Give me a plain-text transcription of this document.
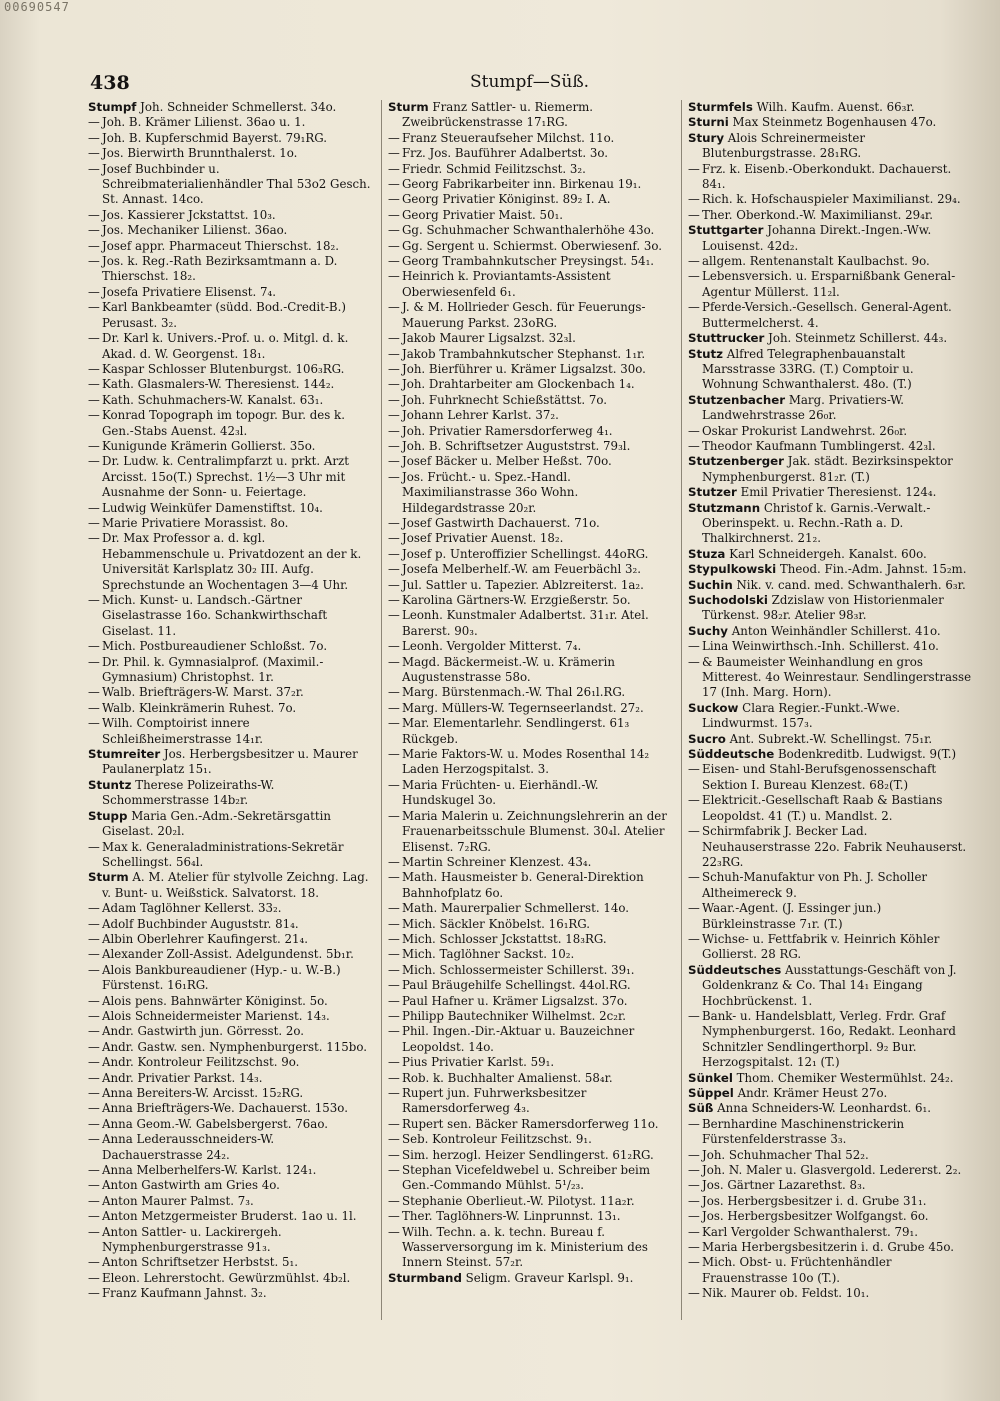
00690547
438	Stumpf—Süß.

Stumpf Joh. Schneider Schmellerst. 34o.

— Joh. B. Krämer Lilienst. 36ao u. 1.

— Joh. B. Kupferschmid Bayerst. 79₁RG.

— Jos. Bierwirth Brunnthalerst. 1o.

— Josef Buchbinder u. Schreibmaterialienhändler Thal 53o2 Gesch. St. Annast. 14co.

— Jos. Kassierer Jckstattst. 10₃.

— Jos. Mechaniker Lilienst. 36ao.

— Josef appr. Pharmaceut Thierschst. 18₂.

— Jos. k. Reg.-Rath Bezirksamtmann a. D. Thierschst. 18₂.

— Josefa Privatiere Elisenst. 7₄.

— Karl Bankbeamter (südd. Bod.-Credit-B.) Perusast. 3₂.

— Dr. Karl k. Univers.-Prof. u. o. Mitgl. d. k. Akad. d. W. Georgenst. 18₁.

— Kaspar Schlosser Blutenburgst. 106₃RG.

— Kath. Glasmalers-W. Theresienst. 144₂.

— Kath. Schuhmachers-W. Kanalst. 63₁.

— Konrad Topograph im topogr. Bur. des k. Gen.-Stabs Auenst. 42₃l.

— Kunigunde Krämerin Gollierst. 35o.

— Dr. Ludw. k. Centralimpfarzt u. prkt. Arzt Arcisst. 15o(T.) Sprechst. 1½—3 Uhr mit Ausnahme der Sonn- u. Feiertage.

— Ludwig Weinküfer Damenstiftst. 10₄.

— Marie Privatiere Morassist. 8o.

— Dr. Max Professor a. d. kgl. Hebammenschule u. Privatdozent an der k. Universität Karlsplatz 30₂ III. Aufg. Sprechstunde an Wochentagen 3—4 Uhr.

— Mich. Kunst- u. Landsch.-Gärtner Giselastrasse 16o. Schankwirthschaft Giselast. 11.

— Mich. Postbureaudiener Schloßst. 7o.

— Dr. Phil. k. Gymnasialprof. (Maximil.-Gymnasium) Christophst. 1r.

— Walb. Briefträgers-W. Marst. 37₂r.

— Walb. Kleinkrämerin Ruhest. 7o.

— Wilh. Comptoirist innere Schleißheimerstrasse 14₁r.

Stumreiter Jos. Herbergsbesitzer u. Maurer Paulanerplatz 15₁.

Stuntz Therese Polizeiraths-W. Schommerstrasse 14b₂r.

Stupp Maria Gen.-Adm.-Sekretärsgattin Giselast. 20₂l.

— Max k. Generaladministrations-Sekretär Schellingst. 56₄l.

Sturm A. M. Atelier für stylvolle Zeichng. Lag. v. Bunt- u. Weißstick. Salvatorst. 18.

— Adam Taglöhner Kellerst. 33₂.

— Adolf Buchbinder Auguststr. 81₄.

— Albin Oberlehrer Kaufingerst. 21₄.

— Alexander Zoll-Assist. Adelgundenst. 5b₁r.

— Alois Bankbureaudiener (Hyp.- u. W.-B.) Fürstenst. 16₁RG.

— Alois pens. Bahnwärter Königinst. 5o.

— Alois Schneidermeister Marienst. 14₃.

— Andr. Gastwirth jun. Görresst. 2o.

— Andr. Gastw. sen. Nymphenburgerst. 115bo.

— Andr. Kontroleur Feilitzschst. 9o.

— Andr. Privatier Parkst. 14₃.

— Anna Bereiters-W. Arcisst. 15₂RG.

— Anna Briefträgers-We. Dachauerst. 153o.

— Anna Geom.-W. Gabelsbergerst. 76ao.

— Anna Lederausschneiders-W. Dachauerstrasse 24₂.

— Anna Melberhelfers-W. Karlst. 124₁.

— Anton Gastwirth am Gries 4o.

— Anton Maurer Palmst. 7₃.

— Anton Metzgermeister Bruderst. 1ao u. 1l.

— Anton Sattler- u. Lackirergeh. Nymphenburgerstrasse 91₃.

— Anton Schriftsetzer Herbstst. 5₁.

— Eleon. Lehrerstocht. Gewürzmühlst. 4b₂l.

— Franz Kaufmann Jahnst. 3₂.

Sturm Franz Sattler- u. Riemerm. Zweibrückenstrasse 17₁RG.

— Franz Steueraufseher Milchst. 11o.

— Frz. Jos. Bauführer Adalbertst. 3o.

— Friedr. Schmid Feilitzschst. 3₂.

— Georg Fabrikarbeiter inn. Birkenau 19₁.

— Georg Privatier Königinst. 89₂ I. A.

— Georg Privatier Maist. 50₁.

— Gg. Schuhmacher Schwanthalerhöhe 43o.

— Gg. Sergent u. Schiermst. Oberwiesenf. 3o.

— Georg Trambahnkutscher Preysingst. 54₁.

— Heinrich k. Proviantamts-Assistent Oberwiesenfeld 6₁.

— J. & M. Hollrieder Gesch. für Feuerungs-Mauerung Parkst. 23oRG.

— Jakob Maurer Ligsalzst. 32₃l.

— Jakob Trambahnkutscher Stephanst. 1₁r.

— Joh. Bierführer u. Krämer Ligsalzst. 30o.

— Joh. Drahtarbeiter am Glockenbach 1₄.

— Joh. Fuhrknecht Schießstättst. 7o.

— Johann Lehrer Karlst. 37₂.

— Joh. Privatier Ramersdorferweg 4₁.

— Joh. B. Schriftsetzer Auguststrst. 79₃l.

— Josef Bäcker u. Melber Heßst. 70o.

— Jos. Frücht.- u. Spez.-Handl. Maximilianstrasse 36o Wohn. Hildegardstrasse 20₂r.

— Josef Gastwirth Dachauerst. 71o.

— Josef Privatier Auenst. 18₂.

— Josef p. Unteroffizier Schellingst. 44oRG.

— Josefa Melberhelf.-W. am Feuerbächl 3₂.

— Jul. Sattler u. Tapezier. Ablzreiterst. 1a₂.

— Karolina Gärtners-W. Erzgießerstr. 5o.

— Leonh. Kunstmaler Adalbertst. 31₁r. Atel. Barerst. 90₃.

— Leonh. Vergolder Mitterst. 7₄.

— Magd. Bäckermeist.-W. u. Krämerin Augustenstrasse 58o.

— Marg. Bürstenmach.-W. Thal 26₁l.RG.

— Marg. Müllers-W. Tegernseerlandst. 27₂.

— Mar. Elementarlehr. Sendlingerst. 61₃ Rückgeb.

— Marie Faktors-W. u. Modes Rosenthal 14₂ Laden Herzogspitalst. 3.

— Maria Früchten- u. Eierhändl.-W. Hundskugel 3o.

— Maria Malerin u. Zeichnungslehrerin an der Frauenarbeitsschule Blumenst. 30₄l. Atelier Elisenst. 7₂RG.

— Martin Schreiner Klenzest. 43₄.

— Math. Hausmeister b. General-Direktion Bahnhofplatz 6o.

— Math. Maurerpalier Schmellerst. 14o.

— Mich. Säckler Knöbelst. 16₁RG.

— Mich. Schlosser Jckstattst. 18₃RG.

— Mich. Taglöhner Sackst. 10₂.

— Mich. Schlossermeister Schillerst. 39₁.

— Paul Bräugehilfe Schellingst. 44ol.RG.

— Paul Hafner u. Krämer Ligsalzst. 37o.

— Philipp Bautechniker Wilhelmst. 2c₂r.

— Phil. Ingen.-Dir.-Aktuar u. Bauzeichner Leopoldst. 14o.

— Pius Privatier Karlst. 59₁.

— Rob. k. Buchhalter Amalienst. 58₄r.

— Rupert jun. Fuhrwerksbesitzer Ramersdorferweg 4₃.

— Rupert sen. Bäcker Ramersdorferweg 11o.

— Seb. Kontroleur Feilitzschst. 9₁.

— Sim. herzogl. Heizer Sendlingerst. 61₂RG.

— Stephan Vicefeldwebel u. Schreiber beim Gen.-Commando Mühlst. 5¹/₂₃.

— Stephanie Oberlieut.-W. Pilotyst. 11a₂r.

— Ther. Taglöhners-W. Linprunnst. 13₁.

— Wilh. Techn. a. k. techn. Bureau f. Wasserversorgung im k. Ministerium des Innern Steinst. 57₂r.

Sturmband Seligm. Graveur Karlspl. 9₁.

Sturmfels Wilh. Kaufm. Auenst. 66₃r.

Sturni Max Steinmetz Bogenhausen 47o.

Stury Alois Schreinermeister Blutenburgstrasse. 28₁RG.

— Frz. k. Eisenb.-Oberkondukt. Dachauerst. 84₁.

— Rich. k. Hofschauspieler Maximilianst. 29₄.

— Ther. Oberkond.-W. Maximilianst. 29₄r.

Stuttgarter Johanna Direkt.-Ingen.-Ww. Louisenst. 42d₂.

— allgem. Rentenanstalt Kaulbachst. 9o.

— Lebensversich. u. Ersparnißbank General-Agentur Müllerst. 11₂l.

— Pferde-Versich.-Gesellsch. General-Agent. Buttermelcherst. 4.

Stuttrucker Joh. Steinmetz Schillerst. 44₃.

Stutz Alfred Telegraphenbauanstalt Marsstrasse 33RG. (T.) Comptoir u. Wohnung Schwanthalerst. 48o. (T.)

Stutzenbacher Marg. Privatiers-W. Landwehrstrasse 26₀r.

— Oskar Prokurist Landwehrst. 26₀r.

— Theodor Kaufmann Tumblingerst. 42₃l.

Stutzenberger Jak. städt. Bezirksinspektor Nymphenburgerst. 81₂r. (T.)

Stutzer Emil Privatier Theresienst. 124₄.

Stutzmann Christof k. Garnis.-Verwalt.-Oberinspekt. u. Rechn.-Rath a. D. Thalkirchnerst. 21₂.

Stuza Karl Schneidergeh. Kanalst. 60o.

Stypulkowski Theod. Fin.-Adm. Jahnst. 15₂m.

Suchin Nik. v. cand. med. Schwanthalerh. 6₃r.

Suchodolski Zdzislaw von Historienmaler Türkenst. 98₂r. Atelier 98₃r.

Suchy Anton Weinhändler Schillerst. 41o.

— Lina Weinwirthsch.-Inh. Schillerst. 41o.

— & Baumeister Weinhandlung en gros Mitterest. 4o Weinrestaur. Sendlingerstrasse 17 (Inh. Marg. Horn).

Suckow Clara Regier.-Funkt.-Wwe. Lindwurmst. 157₃.

Sucro Ant. Subrekt.-W. Schellingst. 75₁r.

Süddeutsche Bodenkreditb. Ludwigst. 9(T.)

— Eisen- und Stahl-Berufsgenossenschaft Sektion I. Bureau Klenzest. 68₂(T.)

— Elektricit.-Gesellschaft Raab & Bastians Leopoldst. 41 (T.) u. Mandlst. 2.

— Schirmfabrik J. Becker Lad. Neuhauserstrasse 22o. Fabrik Neuhauserst. 22₃RG.

— Schuh-Manufaktur von Ph. J. Scholler Altheimereck 9.

— Waar.-Agent. (J. Essinger jun.) Bürkleinstrasse 7₁r. (T.)

— Wichse- u. Fettfabrik v. Heinrich Köhler Gollierst. 28 RG.

Süddeutsches Ausstattungs-Geschäft von J. Goldenkranz & Co. Thal 14₁ Eingang Hochbrückenst. 1.

— Bank- u. Handelsblatt, Verleg. Frdr. Graf Nymphenburgerst. 16o, Redakt. Leonhard Schnitzler Sendlingerthorpl. 9₂ Bur. Herzogspitalst. 12₁ (T.)

Sünkel Thom. Chemiker Westermühlst. 24₂.

Süppel Andr. Krämer Heust 27o.

Süß Anna Schneiders-W. Leonhardst. 6₁.

— Bernhardine Maschinenstrickerin Fürstenfelderstrasse 3₃.

— Joh. Schuhmacher Thal 52₂.

— Joh. N. Maler u. Glasvergold. Ledererst. 2₂.

— Jos. Gärtner Lazarethst. 8₃.

— Jos. Herbergsbesitzer i. d. Grube 31₁.

— Jos. Herbergsbesitzer Wolfgangst. 6o.

— Karl Vergolder Schwanthalerst. 79₁.

— Maria Herbergsbesitzerin i. d. Grube 45o.

— Mich. Obst- u. Früchtenhändler Frauenstrasse 10o (T.).

— Nik. Maurer ob. Feldst. 10₁.
